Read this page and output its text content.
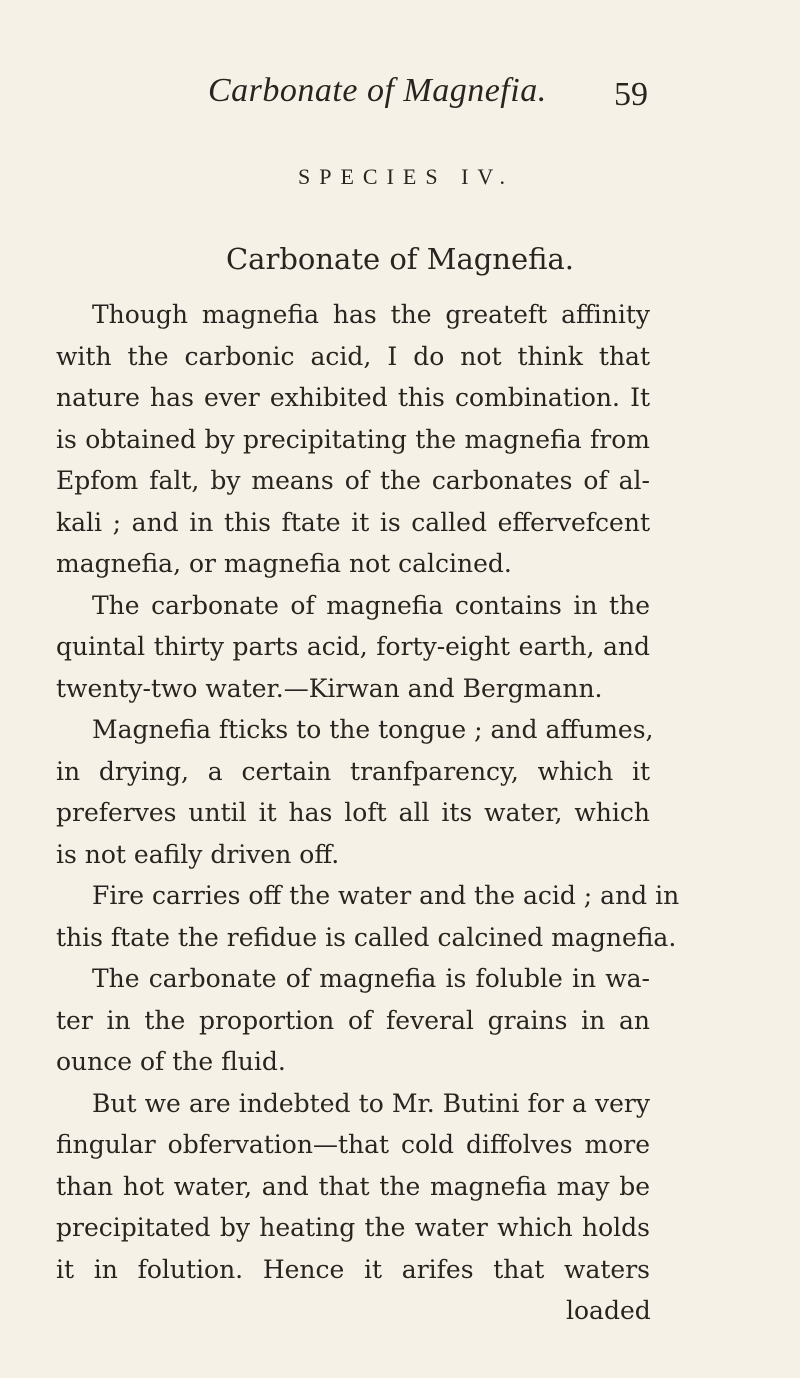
Carbonate of Magnefia. 59
SPECIES IV.
Carbonate of Magnefia.
Though magnefia has the greateft affinity
with the carbonic acid, I do not think that
nature has ever exhibited this combination. It
is obtained by precipitating the magnefia from
Epfom falt, by means of the carbonates of al-
kali ; and in this ftate it is called effervefcent
magnefia, or magnefia not calcined.
The carbonate of magnefia contains in the
quintal thirty parts acid, forty-eight earth, and
twenty-two water.—Kirwan and Bergmann.
Magnefia fticks to the tongue ; and affumes,
in drying, a certain tranfparency, which it
preferves until it has loft all its water, which
is not eafily driven off.
Fire carries off the water and the acid ; and in
this ftate the refidue is called calcined magnefia.
The carbonate of magnefia is foluble in wa-
ter in the proportion of feveral grains in an
ounce of the fluid.
But we are indebted to Mr. Butini for a very
fingular obfervation—that cold diffolves more
than hot water, and that the magnefia may be
precipitated by heating the water which holds
it in folution. Hence it arifes that waters
loaded
